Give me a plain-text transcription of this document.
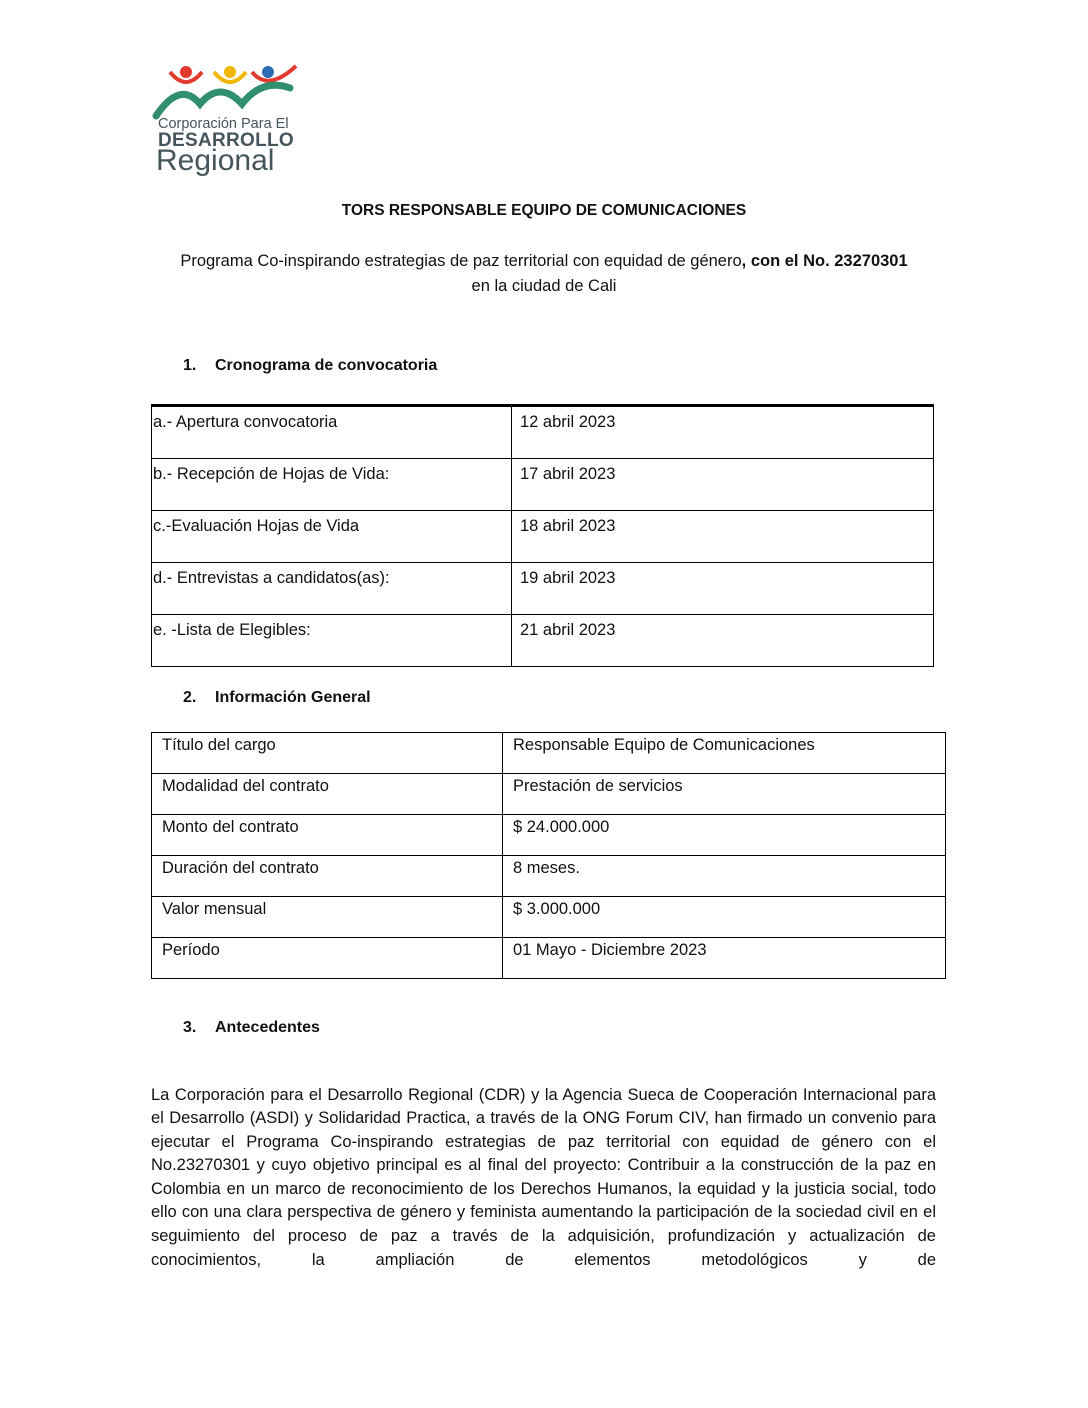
Corporación Para El
DESARROLLO
Regional
TORS RESPONSABLE EQUIPO DE COMUNICACIONES
Programa Co-inspirando estrategias de paz territorial con equidad de género, con el No. 23270301
en la ciudad de Cali
1. Cronograma de convocatoria
a.- Apertura convocatoria	12 abril 2023
b.- Recepción de Hojas de Vida:	17 abril 2023
c.-Evaluación Hojas de Vida	18 abril 2023
d.- Entrevistas a candidatos(as):	19 abril 2023
e. -Lista de Elegibles:	21 abril 2023
2. Información General
Título del cargo	Responsable Equipo de Comunicaciones
Modalidad del contrato	Prestación de servicios
Monto del contrato	$ 24.000.000
Duración del contrato	8 meses.
Valor mensual	$ 3.000.000
Período	01 Mayo - Diciembre 2023
3. Antecedentes

La Corporación para el Desarrollo Regional (CDR) y la Agencia Sueca de Cooperación Internacional para el Desarrollo (ASDI) y Solidaridad Practica, a través de la ONG Forum CIV, han firmado un convenio para ejecutar el Programa Co-inspirando estrategias de paz territorial con equidad de género con el No.23270301 y cuyo objetivo principal es al final del proyecto: Contribuir a la construcción de la paz en Colombia en un marco de reconocimiento de los Derechos Humanos, la equidad y la justicia social, todo ello con una clara perspectiva de género y feminista aumentando la participación de la sociedad civil en el seguimiento del proceso de paz a través de la adquisición, profundización y actualización de conocimientos, la ampliación de elementos metodológicos y de
